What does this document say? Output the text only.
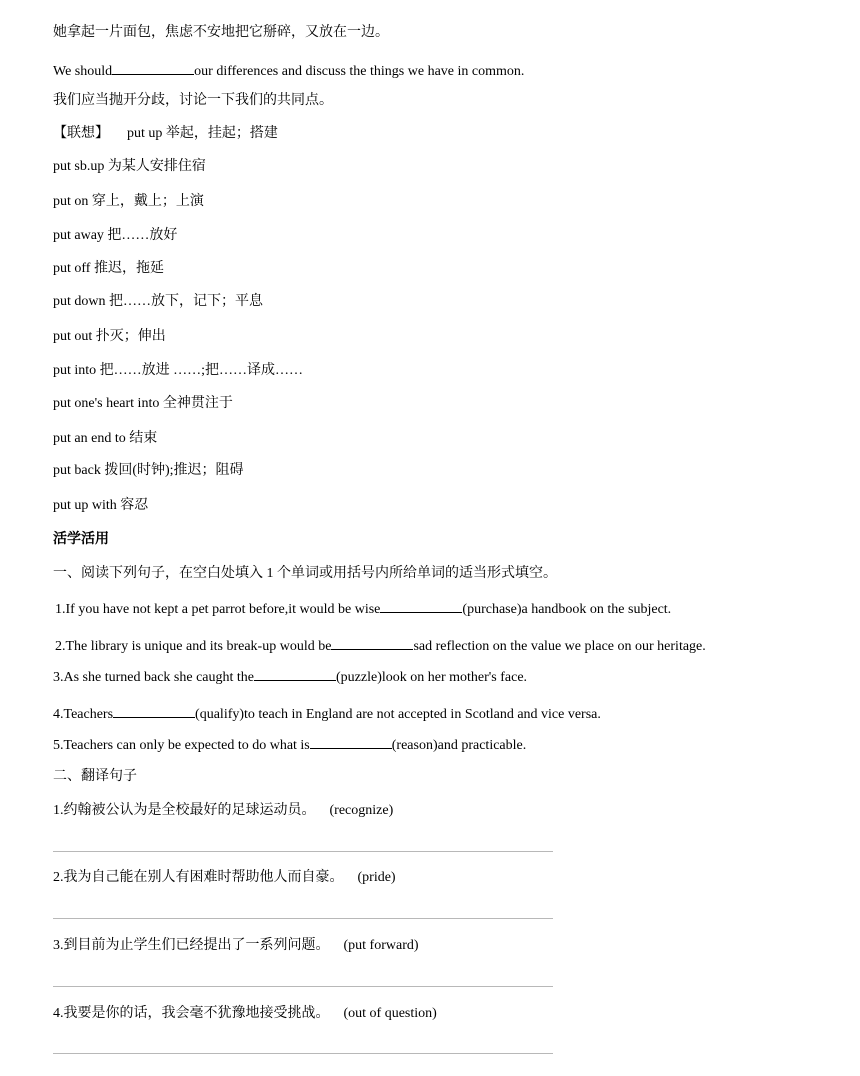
她拿起一片面包，焦虑不安地把它掰碎，又放在一边。
We should	our differences and discuss the things we have in common.
我们应当抛开分歧，讨论一下我们的共同点。
【联想】 put up 举起，挂起；搭建
put sb.up 为某人安排住宿
put on 穿上，戴上；上演
put away 把……放好
put off 推迟，拖延
put down 把……放下，记下；平息
put out 扑灭；伸出
put into 把……放进 ……;把……译成……
put one's heart into 全神贯注于
put an end to 结束
put back 拨回(时钟);推迟；阻碍
put up with 容忍
活学活用
一、阅读下列句子，在空白处填入 1 个单词或用括号内所给单词的适当形式填空。
1.If you have not kept a pet parrot before,it would be wise	(purchase)a handbook on the subject.
2.The library is unique and its break-up would be	sad reflection on the value we place on our heritage.
3.As she turned back she caught the	(puzzle)look on her mother's face.
4.Teachers	(qualify)to teach in England are not accepted in Scotland and vice versa.
5.Teachers can only be expected to do what is	(reason)and practicable.
二、翻译句子
1.约翰被公认为是全校最好的足球运动员。 (recognize)
2.我为自己能在别人有困难时帮助他人而自豪。 (pride)
3.到目前为止学生们已经提出了一系列问题。 (put forward)
4.我要是你的话，我会毫不犹豫地接受挑战。 (out of question)
